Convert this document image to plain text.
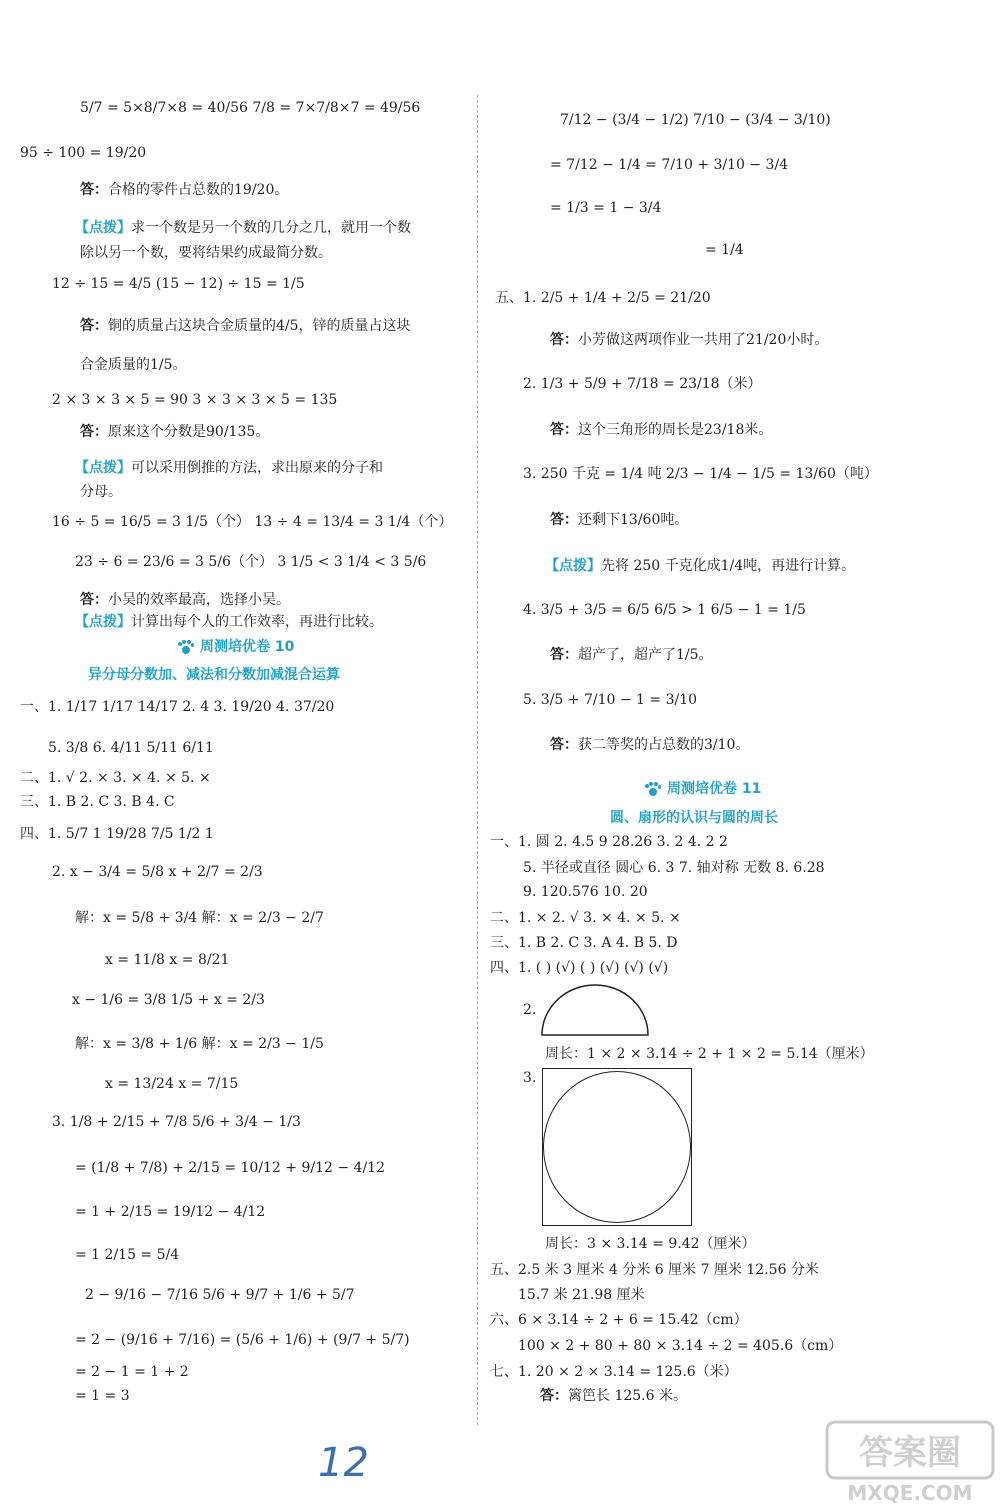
5/7 = 5×8/7×8 = 40/56 7/8 = 7×7/8×7 = 49/56
95 ÷ 100 = 19/20
答：合格的零件占总数的19/20。
【点拨】求一个数是另一个数的几分之几，就用一个数
除以另一个数，要将结果约成最简分数。
12 ÷ 15 = 4/5 (15 − 12) ÷ 15 = 1/5
答：铜的质量占这块合金质量的4/5，锌的质量占这块
合金质量的1/5。
2 × 3 × 3 × 5 = 90 3 × 3 × 3 × 5 = 135
答：原来这个分数是90/135。
【点拨】可以采用倒推的方法，求出原来的分子和
分母。
16 ÷ 5 = 16/5 = 3 1/5（个） 13 ÷ 4 = 13/4 = 3 1/4（个）
23 ÷ 6 = 23/6 = 3 5/6（个） 3 1/5 < 3 1/4 < 3 5/6
答：小吴的效率最高，选择小吴。
【点拨】计算出每个人的工作效率，再进行比较。
周测培优卷 10
异分母分数加、减法和分数加减混合运算
一、1. 1/17 1/17 14/17 2. 4 3. 19/20 4. 37/20
5. 3/8 6. 4/11 5/11 6/11
二、1. √ 2. × 3. × 4. × 5. ×
三、1. B 2. C 3. B 4. C
四、1. 5/7 1 19/28 7/5 1/2 1
2. x − 3/4 = 5/8 x + 2/7 = 2/3
解：x = 5/8 + 3/4 解：x = 2/3 − 2/7
x = 11/8 x = 8/21
x − 1/6 = 3/8 1/5 + x = 2/3
解：x = 3/8 + 1/6 解：x = 2/3 − 1/5
x = 13/24 x = 7/15
3. 1/8 + 2/15 + 7/8 5/6 + 3/4 − 1/3
= (1/8 + 7/8) + 2/15 = 10/12 + 9/12 − 4/12
= 1 + 2/15 = 19/12 − 4/12
= 1 2/15 = 5/4
2 − 9/16 − 7/16 5/6 + 9/7 + 1/6 + 5/7
= 2 − (9/16 + 7/16) = (5/6 + 1/6) + (9/7 + 5/7)
= 2 − 1 = 1 + 2
= 1 = 3
7/12 − (3/4 − 1/2) 7/10 − (3/4 − 3/10)
= 7/12 − 1/4 = 7/10 + 3/10 − 3/4
= 1/3 = 1 − 3/4
= 1/4
五、1. 2/5 + 1/4 + 2/5 = 21/20
答：小芳做这两项作业一共用了21/20小时。
2. 1/3 + 5/9 + 7/18 = 23/18（米）
答：这个三角形的周长是23/18米。
3. 250 千克 = 1/4 吨 2/3 − 1/4 − 1/5 = 13/60（吨）
答：还剩下13/60吨。
【点拨】先将 250 千克化成1/4吨，再进行计算。
4. 3/5 + 3/5 = 6/5 6/5 > 1 6/5 − 1 = 1/5
答：超产了，超产了1/5。
5. 3/5 + 7/10 − 1 = 3/10
答：获二等奖的占总数的3/10。
周测培优卷 11
圆、扇形的认识与圆的周长
一、1. 圆 2. 4.5 9 28.26 3. 2 4. 2 2
5. 半径或直径 圆心 6. 3 7. 轴对称 无数 8. 6.28
9. 120.576 10. 20
二、1. × 2. √ 3. × 4. × 5. ×
三、1. B 2. C 3. A 4. B 5. D
四、1. ( ) (√) ( ) (√) (√) (√)
2.
周长：1 × 2 × 3.14 ÷ 2 + 1 × 2 = 5.14（厘米）
3.
周长：3 × 3.14 = 9.42（厘米）
五、2.5 米 3 厘米 4 分米 6 厘米 7 厘米 12.56 分米
15.7 米 21.98 厘米
六、6 × 3.14 ÷ 2 + 6 = 15.42（cm）
100 × 2 + 80 + 80 × 3.14 ÷ 2 = 405.6（cm）
七、1. 20 × 2 × 3.14 = 125.6（米）
答：篱笆长 125.6 米。
12	答案圈
MXQE.COM
